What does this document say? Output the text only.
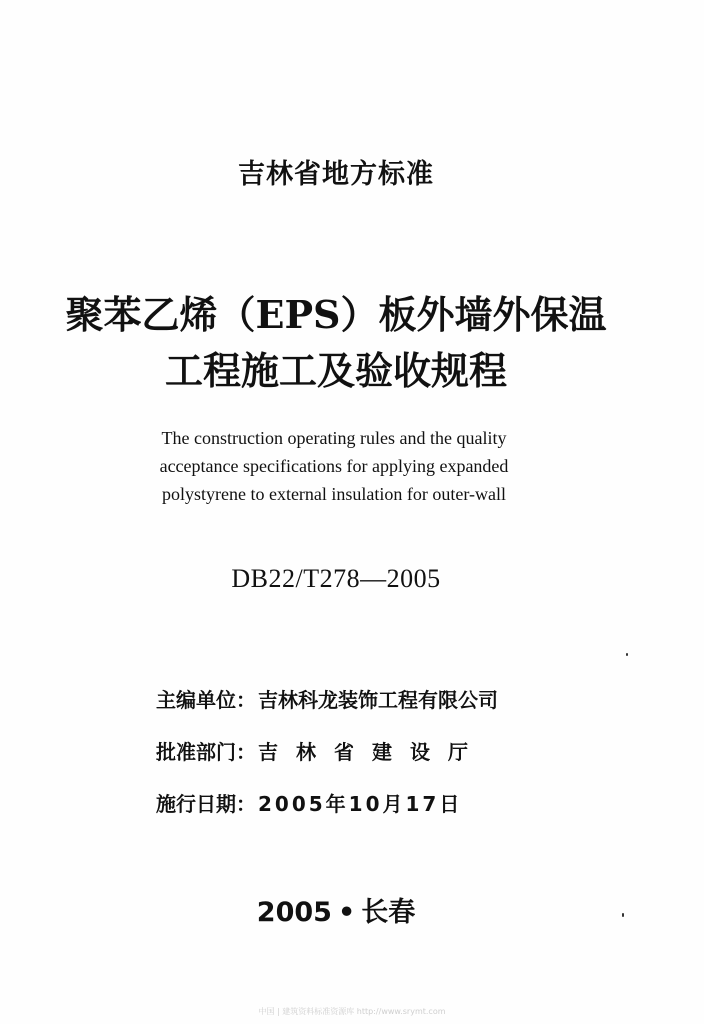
吉林省地方标准
聚苯乙烯（EPS）板外墙外保温
工程施工及验收规程
The construction operating rules and the quality
acceptance specifications for applying expanded
polystyrene to external insulation for outer-wall
DB22/T278—2005
主编单位： 吉林科龙装饰工程有限公司
批准部门： 吉林省建设厅
施行日期： 2005年10月17日
2005 • 长春
中国 | 建筑资料标准资源库 http://www.srymt.com
